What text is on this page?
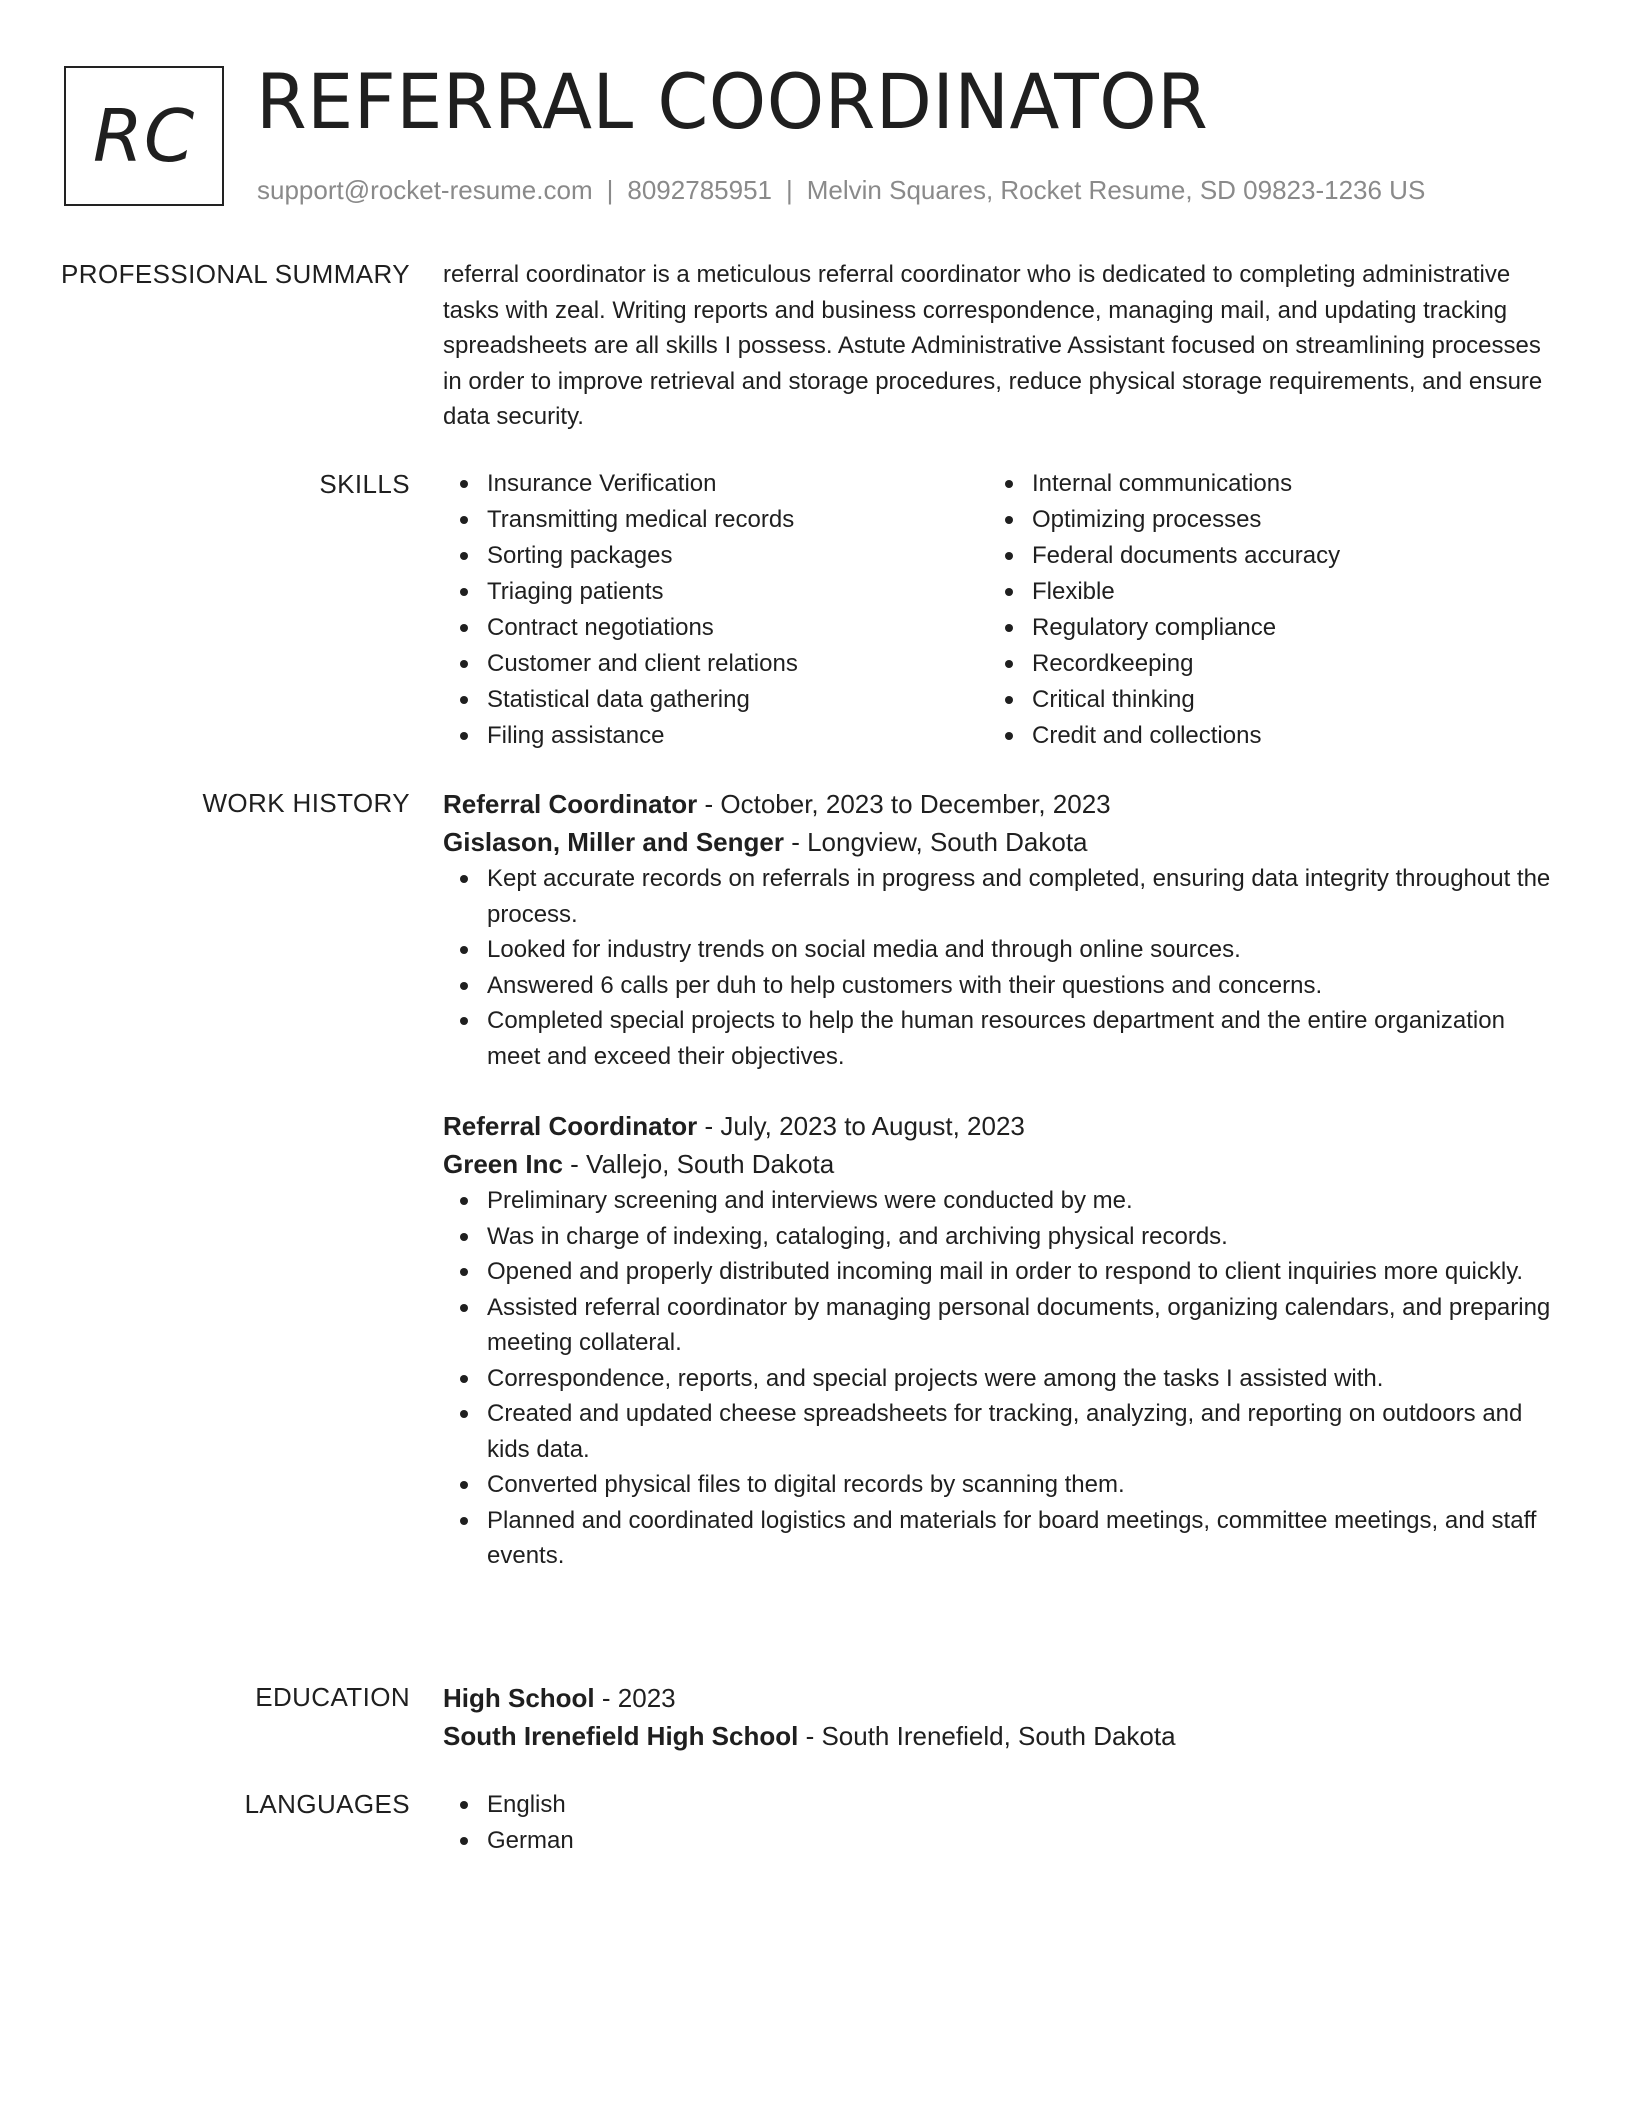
RC REFERRAL COORDINATOR
support@rocket-resume.com | 8092785951 | Melvin Squares, Rocket Resume, SD 09823-1236 US
PROFESSIONAL SUMMARY referral coordinator is a meticulous referral coordinator who is dedicated to completing administrative tasks with zeal. Writing reports and business correspondence, managing mail, and updating tracking spreadsheets are all skills I possess. Astute Administrative Assistant focused on streamlining processes in order to improve retrieval and storage procedures, reduce physical storage requirements, and ensure data security.

SKILLS	Insurance Verification
Transmitting medical records
Sorting packages
Triaging patients
Contract negotiations
Customer and client relations
Statistical data gathering
Filing assistance
Internal communications
Optimizing processes
Federal documents accuracy
Flexible
Regulatory compliance
Recordkeeping
Critical thinking
Credit and collections
WORK HISTORY Referral Coordinator - October, 2023 to December, 2023
Gislason, Miller and Senger - Longview, South Dakota
Kept accurate records on referrals in progress and completed, ensuring data integrity throughout the process.
Looked for industry trends on social media and through online sources.
Answered 6 calls per duh to help customers with their questions and concerns.
Completed special projects to help the human resources department and the entire organization meet and exceed their objectives.
Referral Coordinator - July, 2023 to August, 2023
Green Inc - Vallejo, South Dakota
Preliminary screening and interviews were conducted by me.
Was in charge of indexing, cataloging, and archiving physical records.
Opened and properly distributed incoming mail in order to respond to client inquiries more quickly.
Assisted referral coordinator by managing personal documents, organizing calendars, and preparing meeting collateral.
Correspondence, reports, and special projects were among the tasks I assisted with.
Created and updated cheese spreadsheets for tracking, analyzing, and reporting on outdoors and kids data.
Converted physical files to digital records by scanning them.
Planned and coordinated logistics and materials for board meetings, committee meetings, and staff events.
EDUCATION High School - 2023
South Irenefield High School - South Irenefield, South Dakota
LANGUAGES	English
German
